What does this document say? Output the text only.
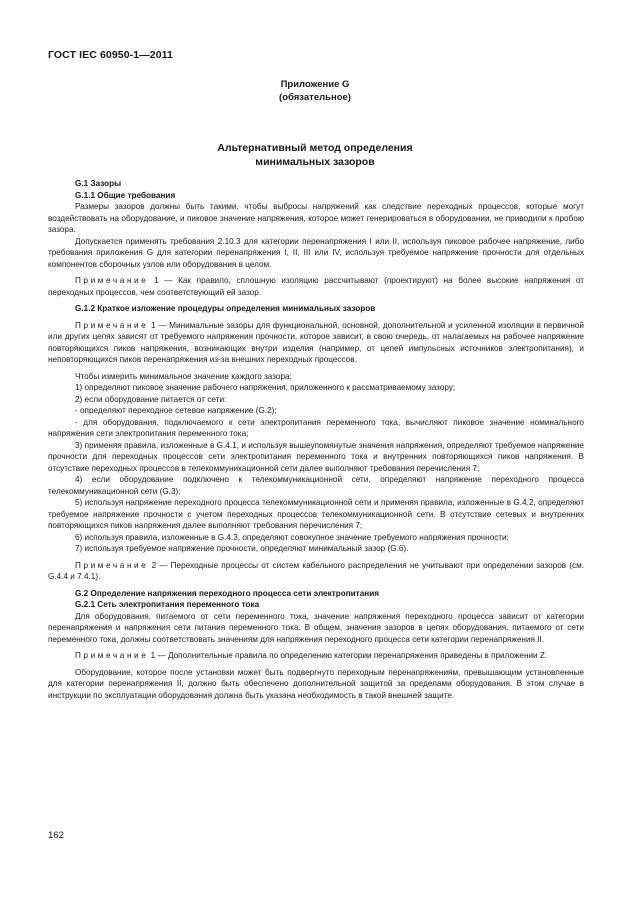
ГОСТ IEC 60950-1—2011
Приложение G
(обязательное)
Альтернативный метод определения
минимальных зазоров

G.1 Зазоры

G.1.1 Общие требования

Размеры зазоров должны быть такими, чтобы выбросы напряжений как следствие переходных процессов, которые могут воздействовать на оборудование, и пиковое значение напряжения, которое может генерироваться в оборудовании, не приводили к пробою зазора.

Допускается применять требования 2.10.3 для категории перенапряжения I или II, используя пиковое рабочее напряжение, либо требования приложения G для категории перенапряжения I, II, III или IV, используя требуемое напряжение прочности для отдельных компонентов сборочных узлов или оборудования в целом.

Примечание 1 — Как правило, сплошную изоляцию рассчитывают (проектируют) на более высокие напряжения от переходных процессов, чем соответствующий ей зазор.

G.1.2 Краткое изложение процедуры определения минимальных зазоров

Примечание 1 — Минимальные зазоры для функциональной, основной, дополнительной и усиленной изоляции в первичной или других цепях зависят от требуемого напряжения прочности, которое зависит, в свою очередь, от налагаемых на рабочее напряжение повторяющихся пиков напряжения, возникающих внутри изделия (например, от цепей импульсных источников электропитания), и неповторяющихся пиков перенапряжения из-за внешних переходных процессов.

Чтобы измерить минимальное значение каждого зазора:

1) определяют пиковое значение рабочего напряжения, приложенного к рассматриваемому зазору;

2) если оборудование питается от сети:

- определяют переходное сетевое напряжение (G.2);

- для оборудования, подключаемого к сети электропитания переменного тока, вычисляют пиковое значение номинального напряжения сети электропитания переменного тока;

3) применяя правила, изложенные в G.4.1, и используя вышеупомянутые значения напряжения, определяют требуемое напряжение прочности для переходных процессов сети электропитания переменного тока и внутренних повторяющихся пиков напряжения. В отсутствие переходных процессов в телекоммуникационной сети далее выполняют требования перечисления 7;

4) если оборудование подключено к телекоммуникационной сети, определяют напряжение переходного процесса телекоммуникационной сети (G.3);

5) используя напряжение переходного процесса телекоммуникационной сети и применяя правила, изложенные в G.4.2, определяют требуемое напряжение прочности с учетом переходных процессов телекоммуникационной сети. В отсутствие сетевых и внутренних повторяющихся пиков напряжения далее выполняют требования перечисления 7;

6) используя правила, изложенные в G.4.3, определяют совокупное значение требуемого напряжения прочности;

7) используя требуемое напряжение прочности, определяют минимальный зазор (G.6).

Примечание 2 — Переходные процессы от систем кабельного распределения не учитывают при определении зазоров (см. G.4.4 и 7.4.1).

G.2 Определение напряжения переходного процесса сети электропитания

G.2.1 Сеть электропитания переменного тока

Для оборудования, питаемого от сети переменного тока, значение напряжения переходного процесса зависит от категории перенапряжения и напряжения сети питания переменного тока. В общем, значения зазоров в цепях оборудования, питаемого от сети переменного тока, должны соответствовать значениям для напряжения переходного процесса сети категории перенапряжения II.

Примечание 1 — Дополнительные правила по определению категории перенапряжения приведены в приложении Z.

Оборудование, которое после установки может быть подвергнуто переходным перенапряжениям, превышающим установленные для категории перенапряжения II, должно быть обеспечено дополнительной защитой за пределами оборудования. В этом случае в инструкции по эксплуатации оборудования должна быть указана необходимость в такой внешней защите.

162
